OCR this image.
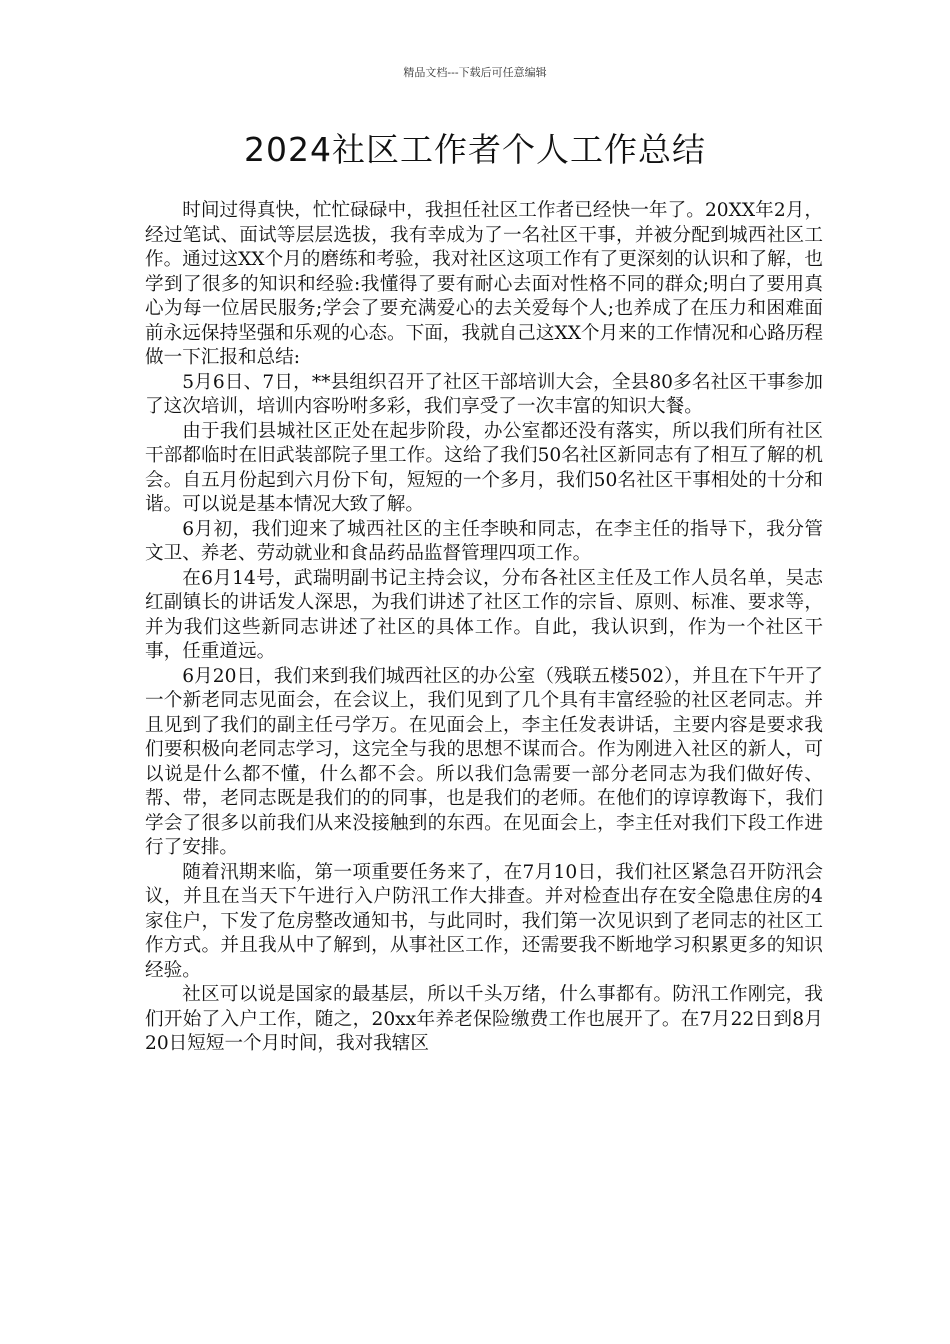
精品文档---下载后可任意编辑
2024社区工作者个人工作总结

时间过得真快，忙忙碌碌中，我担任社区工作者已经快一年了。20XX年2月，经过笔试、面试等层层选拔，我有幸成为了一名社区干事，并被分配到城西社区工作。通过这XX个月的磨练和考验，我对社区这项工作有了更深刻的认识和了解，也学到了很多的知识和经验:我懂得了要有耐心去面对性格不同的群众;明白了要用真心为每一位居民服务;学会了要充满爱心的去关爱每个人;也养成了在压力和困难面前永远保持坚强和乐观的心态。下面，我就自己这XX个月来的工作情况和心路历程做一下汇报和总结:

5月6日、7日，**县组织召开了社区干部培训大会，全县80多名社区干事参加了这次培训，培训内容吩咐多彩，我们享受了一次丰富的知识大餐。

由于我们县城社区正处在起步阶段，办公室都还没有落实，所以我们所有社区干部都临时在旧武装部院子里工作。这给了我们50名社区新同志有了相互了解的机会。自五月份起到六月份下旬，短短的一个多月，我们50名社区干事相处的十分和谐。可以说是基本情况大致了解。

6月初，我们迎来了城西社区的主任李映和同志，在李主任的指导下，我分管文卫、养老、劳动就业和食品药品监督管理四项工作。

在6月14号，武瑞明副书记主持会议，分布各社区主任及工作人员名单，吴志红副镇长的讲话发人深思，为我们讲述了社区工作的宗旨、原则、标准、要求等，并为我们这些新同志讲述了社区的具体工作。自此，我认识到，作为一个社区干事，任重道远。

6月20日，我们来到我们城西社区的办公室（残联五楼502），并且在下午开了一个新老同志见面会，在会议上，我们见到了几个具有丰富经验的社区老同志。并且见到了我们的副主任弓学万。在见面会上，李主任发表讲话，主要内容是要求我们要积极向老同志学习，这完全与我的思想不谋而合。作为刚进入社区的新人，可以说是什么都不懂，什么都不会。所以我们急需要一部分老同志为我们做好传、帮、带，老同志既是我们的的同事，也是我们的老师。在他们的谆谆教诲下，我们学会了很多以前我们从来没接触到的东西。在见面会上，李主任对我们下段工作进行了安排。

随着汛期来临，第一项重要任务来了，在7月10日，我们社区紧急召开防汛会议，并且在当天下午进行入户防汛工作大排查。并对检查出存在安全隐患住房的4家住户，下发了危房整改通知书，与此同时，我们第一次见识到了老同志的社区工作方式。并且我从中了解到，从事社区工作，还需要我不断地学习积累更多的知识经验。

社区可以说是国家的最基层，所以千头万绪，什么事都有。防汛工作刚完，我们开始了入户工作，随之，20xx年养老保险缴费工作也展开了。在7月22日到8月20日短短一个月时间，我对我辖区
